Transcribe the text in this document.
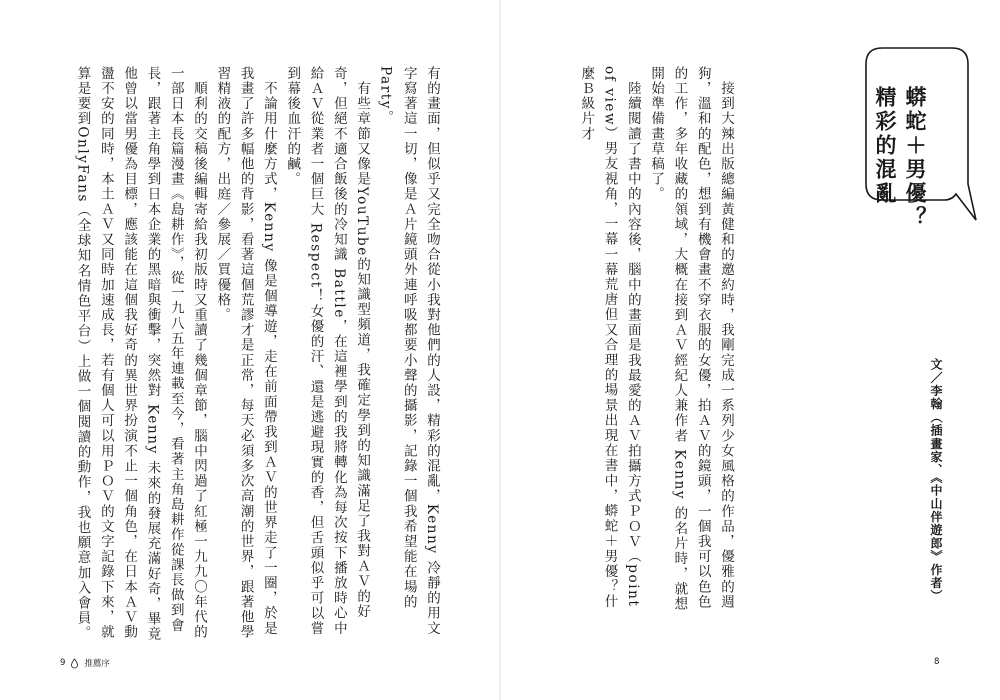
蟒蛇＋男優？
精彩的混亂
文／李翰（插畫家、《中山伴遊郎》作者）
　接到大辣出版總編黃健和的邀約時，我剛完成一系列少女風格的作品，優雅的週狗，溫和的配色，想到有機會畫不穿衣服的女優，拍ＡＶ的鏡頭，一個我可以色色的工作，多年收藏的領域，大概在接到ＡＶ經紀人兼作者 Kenny 的名片時，就想開始準備畫草稿了。
　陸續閱讀了書中的內容後，腦中的畫面是我最愛的ＡＶ拍攝方式ＰＯＶ（point of view）男友視角，一幕一幕荒唐但又合理的場景出現在書中，蟒蛇＋男優？什麼Ｂ級片才
有的畫面，但似乎又完全吻合從小我對他們的人設，精彩的混亂，Kenny 冷靜的用文字寫著這一切，像是Ａ片鏡頭外連呼吸都要小聲的攝影，記錄一個我希望能在場的Party。
　有些章節又像是YouTube的知識型頻道，我確定學到的知識滿足了我對ＡＶ的好奇，但絕不適合飯後的冷知識 Battle，在這裡學到的我將轉化為每次按下播放時心中給ＡＶ從業者一個巨大 Respect！女優的汗、還是逃避現實的香，但舌頭似乎可以嘗到幕後血汗的鹹。
　不論用什麼方式，Kenny 像是個導遊，走在前面帶我到ＡＶ的世界走了一圈，於是我畫了許多幅他的背影，看著這個荒謬才是正常，每天必須多次高潮的世界，跟著他學習精液的配方，出庭／參展／買優格。
　順利的交稿後編輯寄給我初版時又重讀了幾個章節，腦中閃過了紅極一九九〇年代的一部日本長篇漫畫《島耕作》，從一九八五年連載至今，看著主角島耕作從課長做到會長，跟著主角學到日本企業的黑暗與衝擊，突然對 Kenny 未來的發展充滿好奇，畢竟他曾以當男優為目標，應該能在這個我好奇的異世界扮演不止一個角色，在日本ＡＶ動盪不安的同時，本土ＡＶ又同時加速成長，若有個人可以用ＰＯＶ的文字記錄下來，就算是要到OnlyFans（全球知名情色平台）上做一個閱讀的動作，我也願意加入會員。
9 推薦序	8
